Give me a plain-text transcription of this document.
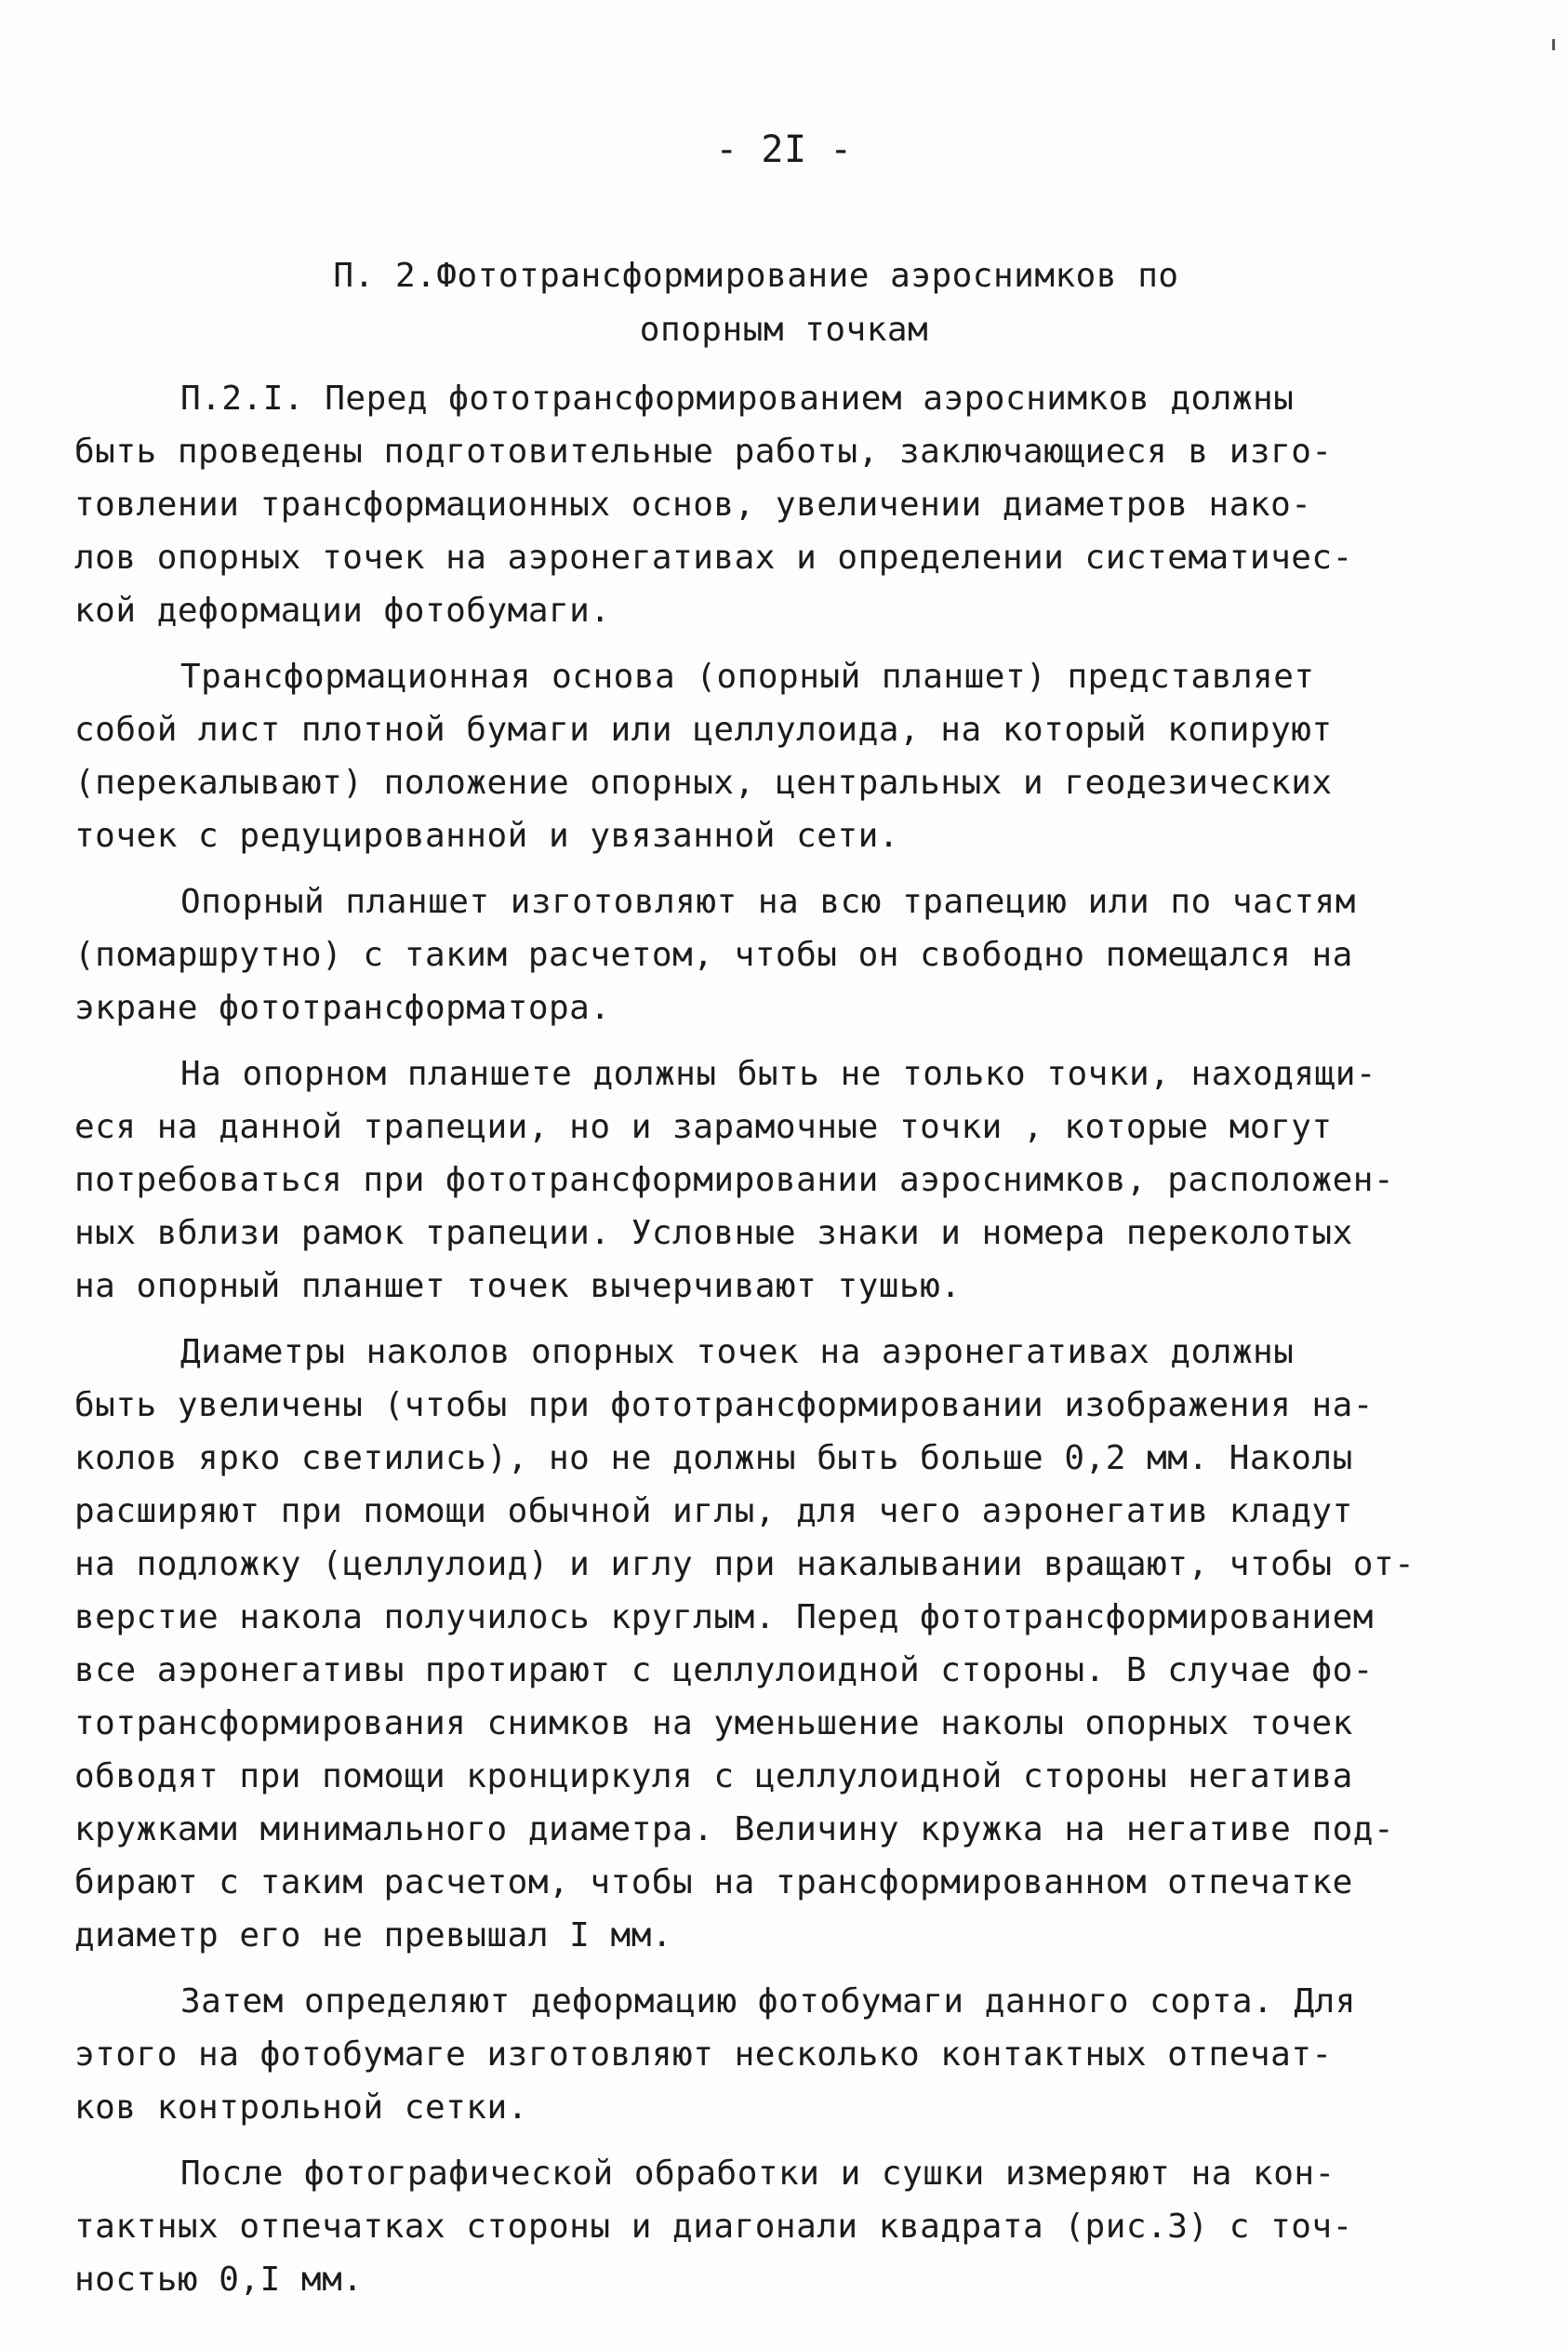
- 2I -
П. 2.Фототрансформирование аэроснимков по
опорным точкам
П.2.I. Перед фототрансформированием аэроснимков должны
быть проведены подготовительные работы, заключающиеся в изго-
товлении трансформационных основ, увеличении диаметров нако-
лов опорных точек на аэронегативах и определении систематичес-
кой деформации фотобумаги.
Трансформационная основа (опорный планшет) представляет
собой лист плотной бумаги или целлулоида, на который копируют
(перекалывают) положение опорных, центральных и геодезических
точек с редуцированной и увязанной сети.
Опорный планшет изготовляют на всю трапецию или по частям
(помаршрутно) с таким расчетом, чтобы он свободно помещался на
экране фототрансформатора.
На опорном планшете должны быть не только точки, находящи-
еся на данной трапеции, но и зарамочные точки , которые могут
потребоваться при фототрансформировании аэроснимков, расположен-
ных вблизи рамок трапеции. Условные знаки и номера переколотых
на опорный планшет точек вычерчивают тушью.
Диаметры наколов опорных точек на аэронегативах должны
быть увеличены (чтобы при фототрансформировании изображения на-
колов ярко светились), но не должны быть больше 0,2 мм. Наколы
расширяют при помощи обычной иглы, для чего аэронегатив кладут
на подложку (целлулоид) и иглу при накалывании вращают, чтобы от-
верстие накола получилось круглым. Перед фототрансформированием
все аэронегативы протирают с целлулоидной стороны. В случае фо-
тотрансформирования снимков на уменьшение наколы опорных точек
обводят при помощи кронциркуля с целлулоидной стороны негатива
кружками минимального диаметра. Величину кружка на негативе под-
бирают с таким расчетом, чтобы на трансформированном отпечатке
диаметр его не превышал I мм.
Затем определяют деформацию фотобумаги данного сорта. Для
этого на фотобумаге изготовляют несколько контактных отпечат-
ков контрольной сетки.
После фотографической обработки и сушки измеряют на кон-
тактных отпечатках стороны и диагонали квадрата (рис.3) с точ-
ностью 0,I мм.
